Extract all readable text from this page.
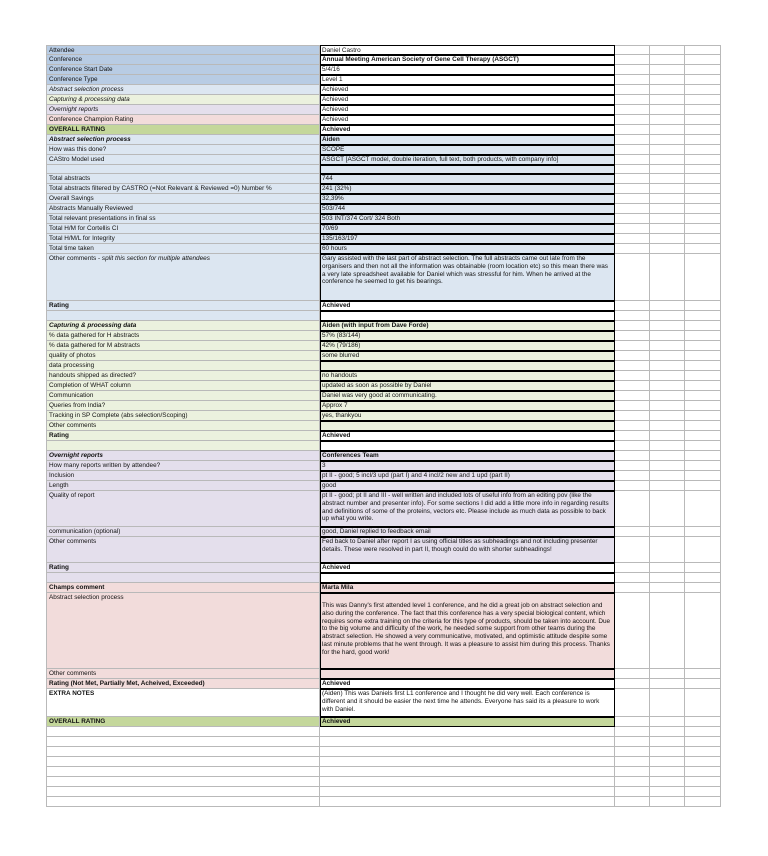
Attendee	Daniel Castro
Conference	Annual Meeting American Society of Gene Cell Therapy (ASGCT)
Conference Start Date	5/4/16
Conference Type	Level 1
Abstract selection process	Achieved
Capturing & processing data	Achieved
Overnight reports	Achieved
Conference Champion Rating	Achieved
OVERALL RATING	Achieved
Abstract selection process	Aiden
How was this done?	SCOPE
CAStro Model used	ASGCT [ASGCT model, double iteration, full text, both products, with company info]
Total abstracts	744
Total abstracts filtered by CASTRO (=Not Relevant & Reviewed =0) Number %	241 (32%)
Overall Savings	32,39%
Abstracts Manually Reviewed	503/744
Total relevant presentations in final ss	503 INT/374 Cort/ 324 Both
Total H/M for Cortellis CI	70/69
Total H/M/L for Integrity	135/163/197
Total time taken	60 hours
Other comments - split this section for multiple attendees	Gary assisted with the last part of abstract selection. The full abstracts came out late from the organisers and then not all the information was obtainable (room location etc) so this mean there was a very late spreadsheet available for Daniel which was stressful for him. When he arrived at the conference he seemed to get his bearings.
Rating	Achieved
Capturing & processing data	Aiden (with input from Dave Forde)
% data gathered for H abstracts	57% (83/144)
% data gathered for M abstracts	42% (79/186)
quality of photos	some blurred
data processing
handouts shipped as directed?	no handouts
Completion of WHAT column	updated as soon as possible by Daniel
Communication	Daniel was very good at communicating.
Queries from India?	Approx 7
Tracking in SP Complete (abs selection/Scoping)	yes, thankyou
Other comments
Rating	Achieved
Overnight reports	Conferences Team
How many reports written by attendee?	3
Inclusion	pt II - good; 5 incl/3 upd (part I) and 4 incl/2 new and 1 upd (part II)
Length	good
Quality of report	pt II - good; pt II and III - well written and included lots of useful info from an editing pov (like the abstract number and presenter info). For some sections I did add a little more info in regarding results and definitions of some of the proteins, vectors etc. Please include as much data as possible to back up what you write.
communication (optional)	good, Daniel replied to feedback email
Other comments	Fed back to Daniel after report I as using official titles as subheadings and not including presenter details. These were resolved in part II, though could do with shorter subheadings!
Rating	Achieved
Champs comment	Marta Mila
Abstract selection process
This was Danny's first attended level 1 conference, and he did a great job on abstract selection and also during the conference. The fact that this conference has a very special biological content, which requires some extra training on the criteria for this type of products, should be taken into account. Due to the big volume and difficulty of the work, he needed some support from other teams during the abstract selection. He showed a very communicative, motivated, and optimistic attitude despite some last minute problems that he went through. It was a pleasure to assist him during this process. Thanks for the hard, good work!
Other comments
Rating (Not Met, Partially Met, Acheived, Exceeded)	Achieved
EXTRA NOTES	(Aiden) This was Daniels first L1 conference and I thought he did very well. Each conference is different and it should be easier the next time he attends. Everyone has said its a pleasure to work with Daniel.
OVERALL RATING	Achieved
